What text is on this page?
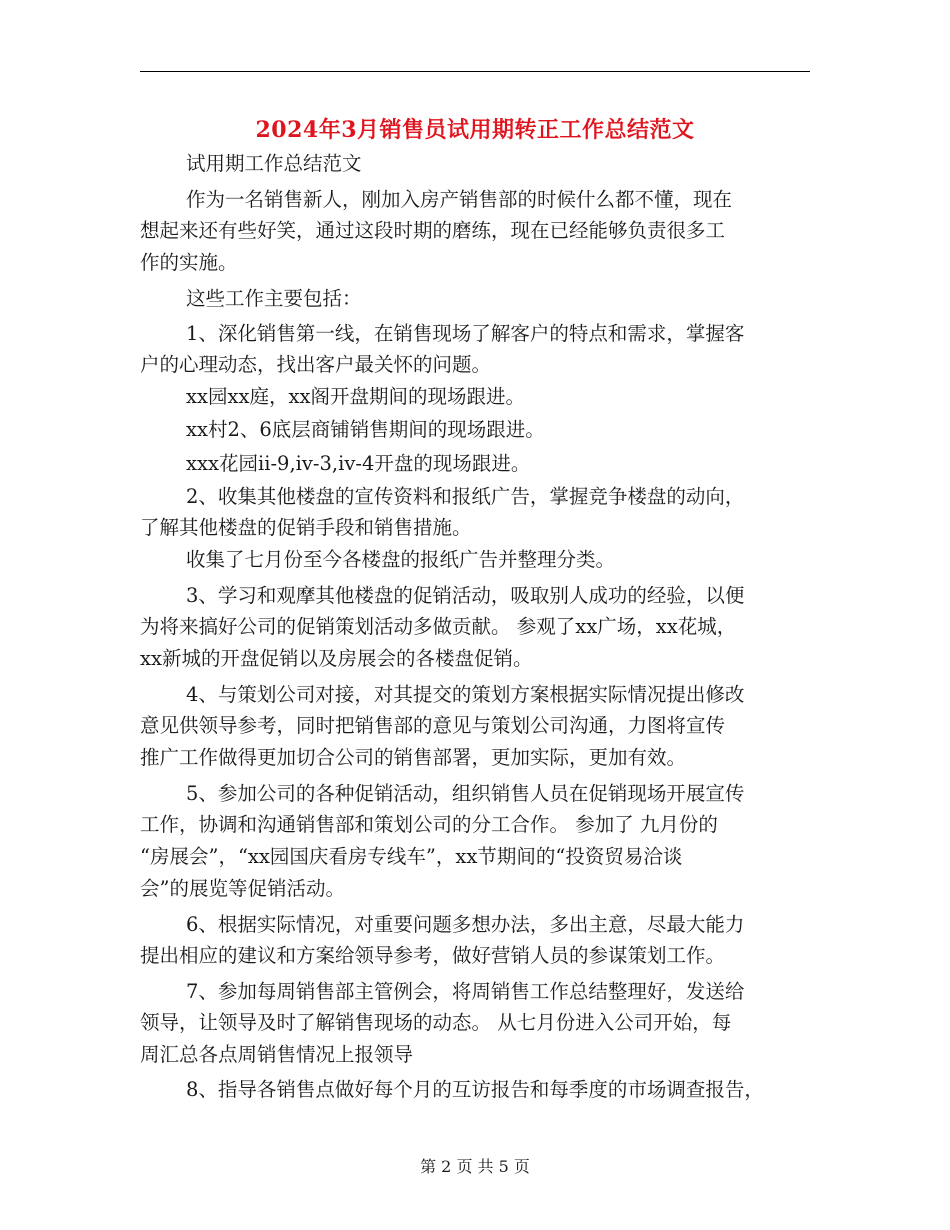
2024年3月销售员试用期转正工作总结范文
试用期工作总结范文
作为一名销售新人，刚加入房产销售部的时候什么都不懂，现在
想起来还有些好笑，通过这段时期的磨练，现在已经能够负责很多工
作的实施。
这些工作主要包括：
1、深化销售第一线，在销售现场了解客户的特点和需求，掌握客
户的心理动态，找出客户最关怀的问题。
xx园xx庭，xx阁开盘期间的现场跟进。
xx村2、6底层商铺销售期间的现场跟进。
xxx花园ii-9,iv-3,iv-4开盘的现场跟进。
2、收集其他楼盘的宣传资料和报纸广告，掌握竞争楼盘的动向，
了解其他楼盘的促销手段和销售措施。
收集了七月份至今各楼盘的报纸广告并整理分类。
3、学习和观摩其他楼盘的促销活动，吸取别人成功的经验，以便
为将来搞好公司的促销策划活动多做贡献。 参观了xx广场，xx花城，
xx新城的开盘促销以及房展会的各楼盘促销。
4、与策划公司对接，对其提交的策划方案根据实际情况提出修改
意见供领导参考，同时把销售部的意见与策划公司沟通，力图将宣传
推广工作做得更加切合公司的销售部署，更加实际，更加有效。
5、参加公司的各种促销活动，组织销售人员在促销现场开展宣传
工作，协调和沟通销售部和策划公司的分工合作。 参加了 九月份的
“房展会”，“xx园国庆看房专线车”，xx节期间的“投资贸易洽谈
会”的展览等促销活动。
6、根据实际情况，对重要问题多想办法，多出主意，尽最大能力
提出相应的建议和方案给领导参考，做好营销人员的参谋策划工作。
7、参加每周销售部主管例会，将周销售工作总结整理好，发送给
领导，让领导及时了解销售现场的动态。 从七月份进入公司开始，每
周汇总各点周销售情况上报领导
8、指导各销售点做好每个月的互访报告和每季度的市场调查报告，
第 2 页 共 5 页
